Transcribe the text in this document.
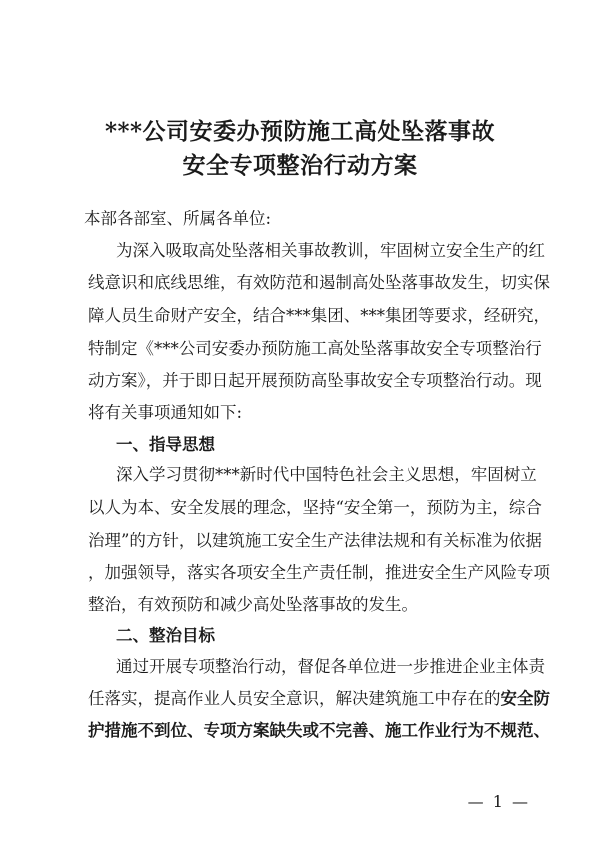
***公司安委办预防施工高处坠落事故
安全专项整治行动方案
本部各部室、所属各单位:
为深入吸取高处坠落相关事故教训，牢固树立安全生产的红
线意识和底线思维，有效防范和遏制高处坠落事故发生，切实保
障人员生命财产安全，结合***集团、***集团等要求，经研究，
特制定《***公司安委办预防施工高处坠落事故安全专项整治行
动方案》，并于即日起开展预防高坠事故安全专项整治行动。现
将有关事项通知如下:
一、指导思想
深入学习贯彻***新时代中国特色社会主义思想，牢固树立
以人为本、安全发展的理念，坚持“安全第一，预防为主，综合
治理”的方针，以建筑施工安全生产法律法规和有关标准为依据
，加强领导，落实各项安全生产责任制，推进安全生产风险专项
整治，有效预防和减少高处坠落事故的发生。
二、整治目标
通过开展专项整治行动，督促各单位进一步推进企业主体责
任落实，提高作业人员安全意识，解决建筑施工中存在的安全防
护措施不到位、专项方案缺失或不完善、施工作业行为不规范、
— 1 —
